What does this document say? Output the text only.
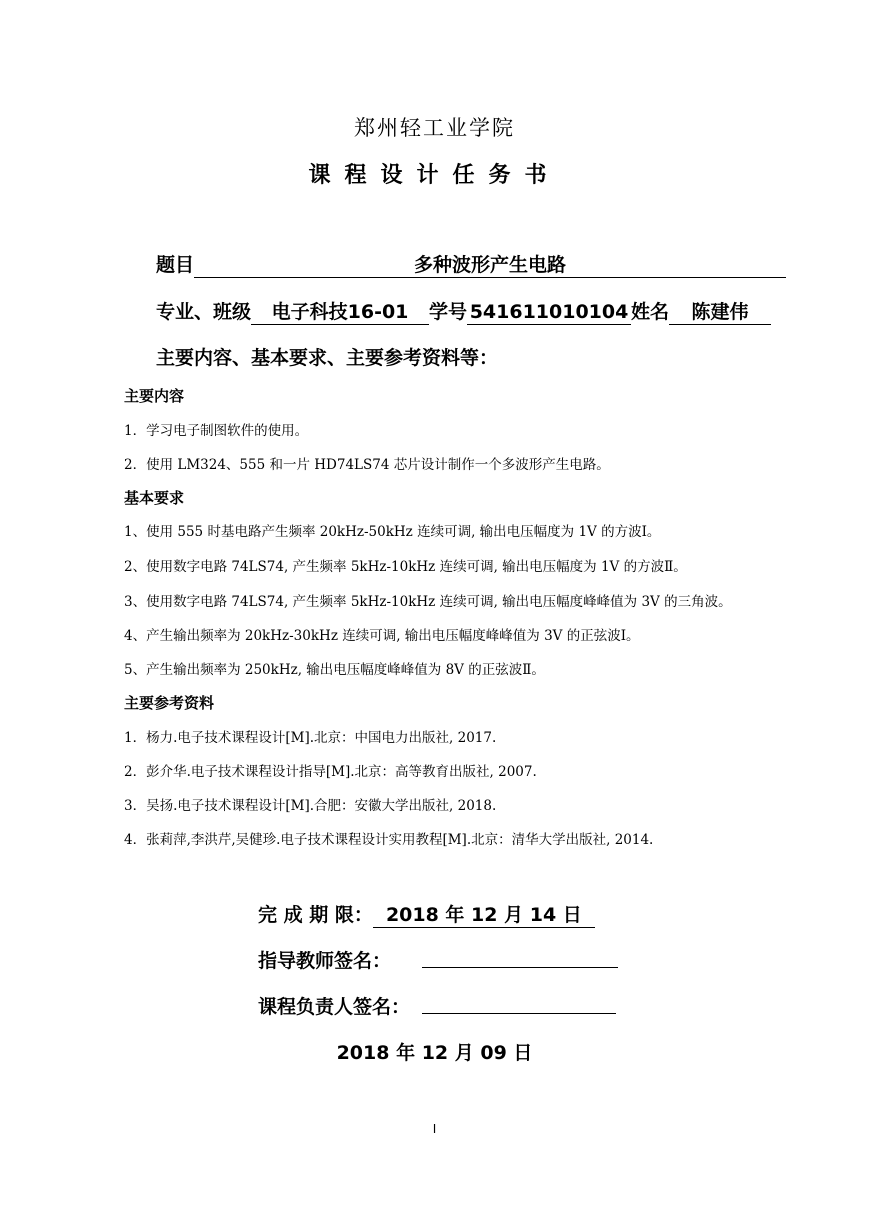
郑州轻工业学院
课程设计任务书
题目	多种波形产生电路
专业、班级 电子科技16-01 学号 541611010104 姓名 陈建伟
主要内容、基本要求、主要参考资料等：
主要内容
1．学习电子制图软件的使用。
2．使用 LM324、555 和一片 HD74LS74 芯片设计制作一个多波形产生电路。
基本要求
1、使用 555 时基电路产生频率 20kHz-50kHz 连续可调, 输出电压幅度为 1V 的方波Ⅰ。
2、使用数字电路 74LS74, 产生频率 5kHz-10kHz 连续可调, 输出电压幅度为 1V 的方波Ⅱ。
3、使用数字电路 74LS74, 产生频率 5kHz-10kHz 连续可调, 输出电压幅度峰峰值为 3V 的三角波。
4、产生输出频率为 20kHz-30kHz 连续可调, 输出电压幅度峰峰值为 3V 的正弦波Ⅰ。
5、产生输出频率为 250kHz, 输出电压幅度峰峰值为 8V 的正弦波Ⅱ。
主要参考资料
1．杨力.电子技术课程设计[M].北京：中国电力出版社, 2017.
2．彭介华.电子技术课程设计指导[M].北京：高等教育出版社, 2007.
3．吴扬.电子技术课程设计[M].合肥：安徽大学出版社, 2018.
4．张莉萍,李洪芹,吴健珍.电子技术课程设计实用教程[M].北京：清华大学出版社, 2014.
完 成 期 限： 2018 年 12 月 14 日
指导教师签名：
课程负责人签名：
2018 年 12 月 09 日
I
